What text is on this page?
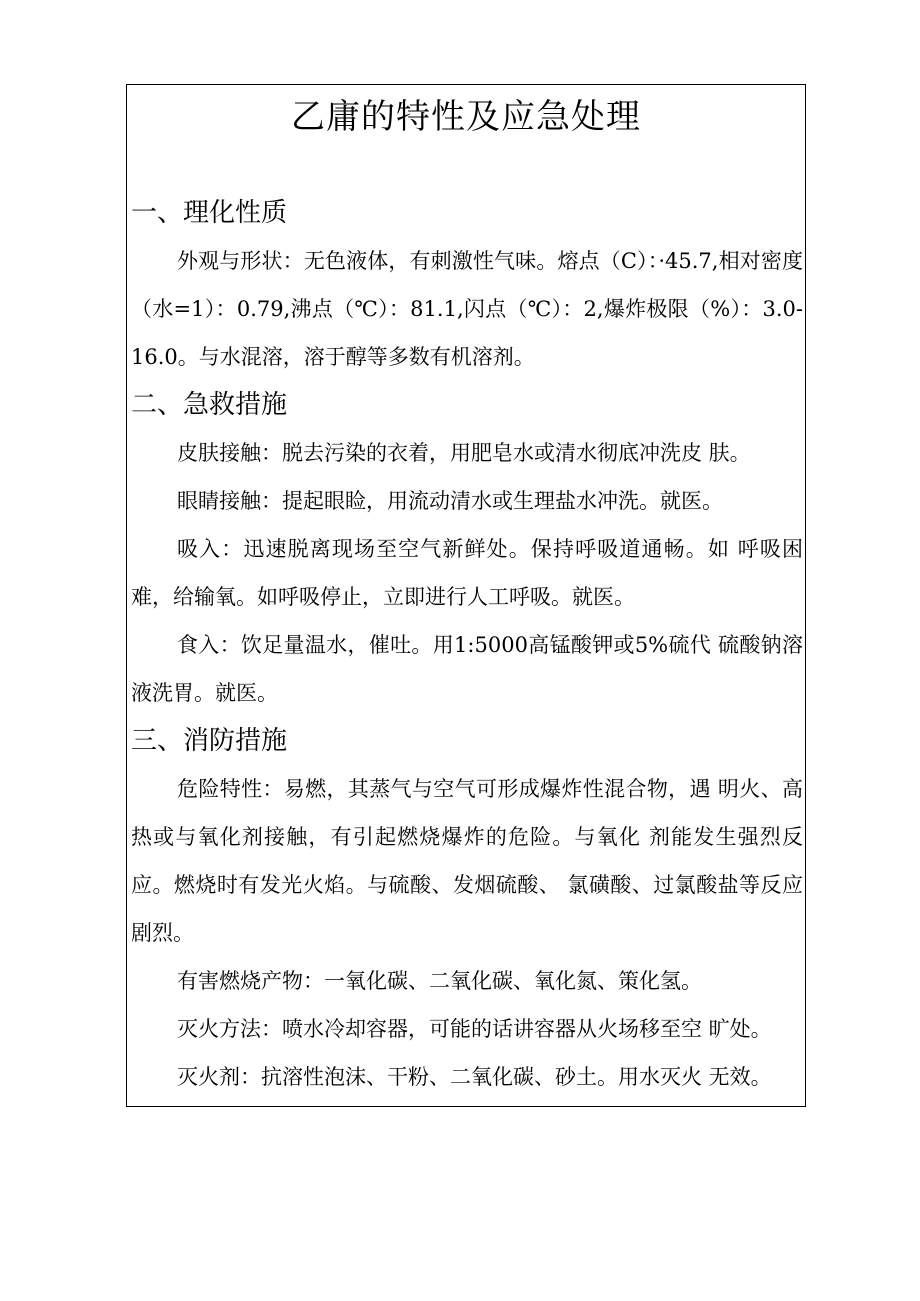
乙庸的特性及应急处理
一、理化性质
外观与形状：无色液体，有刺激性气味。熔点（C）：·45.7,相对密度（水=1）：0.79,沸点（℃）：81.1,闪点（℃）：2,爆炸极限（%）：3.0-16.0。与水混溶，溶于醇等多数有机溶剂。
二、急救措施
皮肤接触：脱去污染的衣着，用肥皂水或清水彻底冲洗皮 肤。
眼睛接触：提起眼睑，用流动清水或生理盐水冲洗。就医。
吸入：迅速脱离现场至空气新鲜处。保持呼吸道通畅。如 呼吸困难，给输氧。如呼吸停止，立即进行人工呼吸。就医。
食入：饮足量温水，催吐。用1:5000高锰酸钾或5%硫代 硫酸钠溶液洗胃。就医。
三、消防措施
危险特性：易燃，其蒸气与空气可形成爆炸性混合物，遇 明火、高热或与氧化剂接触，有引起燃烧爆炸的危险。与氧化 剂能发生强烈反应。燃烧时有发光火焰。与硫酸、发烟硫酸、 氯磺酸、过氯酸盐等反应剧烈。
有害燃烧产物：一氧化碳、二氧化碳、氧化氮、策化氢。
灭火方法：喷水冷却容器，可能的话讲容器从火场移至空 旷处。
灭火剂：抗溶性泡沫、干粉、二氧化碳、砂土。用水灭火 无效。
